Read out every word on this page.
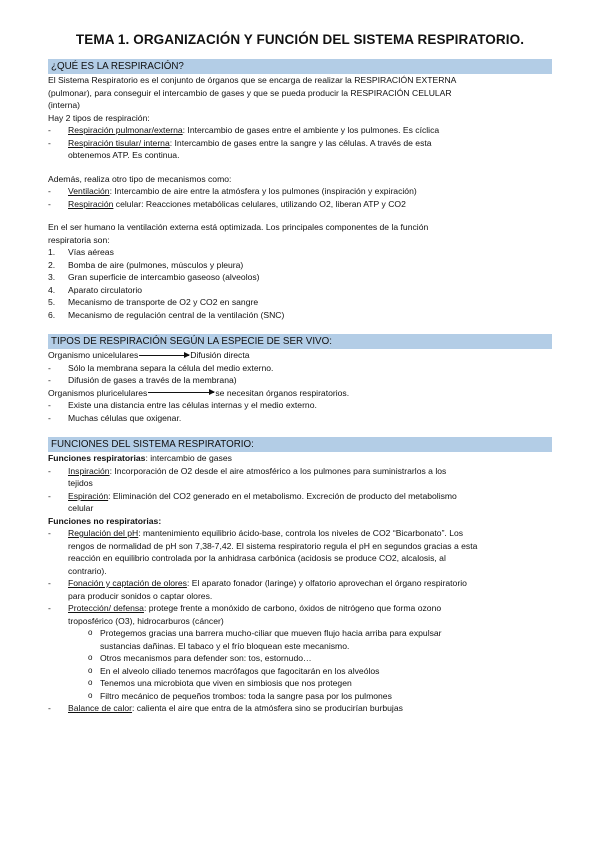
TEMA 1. ORGANIZACIÓN Y FUNCIÓN DEL SISTEMA RESPIRATORIO.
¿QUÉ ES LA RESPIRACIÓN?
El Sistema Respiratorio es el conjunto de órganos que se encarga de realizar la RESPIRACIÓN EXTERNA
(pulmonar), para conseguir el intercambio de gases y que se pueda producir la RESPIRACIÓN CELULAR
(interna)
Hay 2 tipos de respiración:
- Respiración pulmonar/externa: Intercambio de gases entre el ambiente y los pulmones. Es cíclica
- Respiración tisular/ interna: Intercambio de gases entre la sangre y las células. A través de esta
obtenemos ATP. Es continua.
Además, realiza otro tipo de mecanismos como:
- Ventilación: Intercambio de aire entre la atmósfera y los pulmones (inspiración y expiración)
- Respiración celular: Reacciones metabólicas celulares, utilizando O2, liberan ATP y CO2
En el ser humano la ventilación externa está optimizada. Los principales componentes de la función
respiratoria son:
1. Vías aéreas
2. Bomba de aire (pulmones, músculos y pleura)
3. Gran superficie de intercambio gaseoso (alveolos)
4. Aparato circulatorio
5. Mecanismo de transporte de O2 y CO2 en sangre
6. Mecanismo de regulación central de la ventilación (SNC)
TIPOS DE RESPIRACIÓN SEGÚN LA ESPECIE DE SER VIVO:
Organismo unicelulares	Difusión directa
- Sólo la membrana separa la célula del medio externo.
- Difusión de gases a través de la membrana)
Organismos pluricelulares	se necesitan órganos respiratorios.
- Existe una distancia entre las células internas y el medio externo.
- Muchas células que oxigenar.
FUNCIONES DEL SISTEMA RESPIRATORIO:
Funciones respiratorias: intercambio de gases
- Inspiración: Incorporación de O2 desde el aire atmosférico a los pulmones para suministrarlos a los
tejidos
- Espiración: Eliminación del CO2 generado en el metabolismo. Excreción de producto del metabolismo
celular
Funciones no respiratorias:
- Regulación del pH: mantenimiento equilibrio ácido-base, controla los niveles de CO2 “Bicarbonato”. Los
rengos de normalidad de pH son 7,38-7,42. El sistema respiratorio regula el pH en segundos gracias a esta
reacción en equilibrio controlada por la anhidrasa carbónica (acidosis se produce CO2, alcalosis, al
contrario).
- Fonación y captación de olores: El aparato fonador (laringe) y olfatorio aprovechan el órgano respiratorio
para producir sonidos o captar olores.
- Protección/ defensa: protege frente a monóxido de carbono, óxidos de nitrógeno que forma ozono
troposférico (O3), hidrocarburos (cáncer)
o Protegemos gracias una barrera mucho-ciliar que mueven flujo hacia arriba para expulsar
sustancias dañinas. El tabaco y el frío bloquean este mecanismo.
o Otros mecanismos para defender son: tos, estornudo…
o En el alveolo ciliado tenemos macrófagos que fagocitarán en los alveólos
o Tenemos una microbiota que viven en simbiosis que nos protegen
o Filtro mecánico de pequeños trombos: toda la sangre pasa por los pulmones
- Balance de calor: calienta el aire que entra de la atmósfera sino se producirían burbujas
